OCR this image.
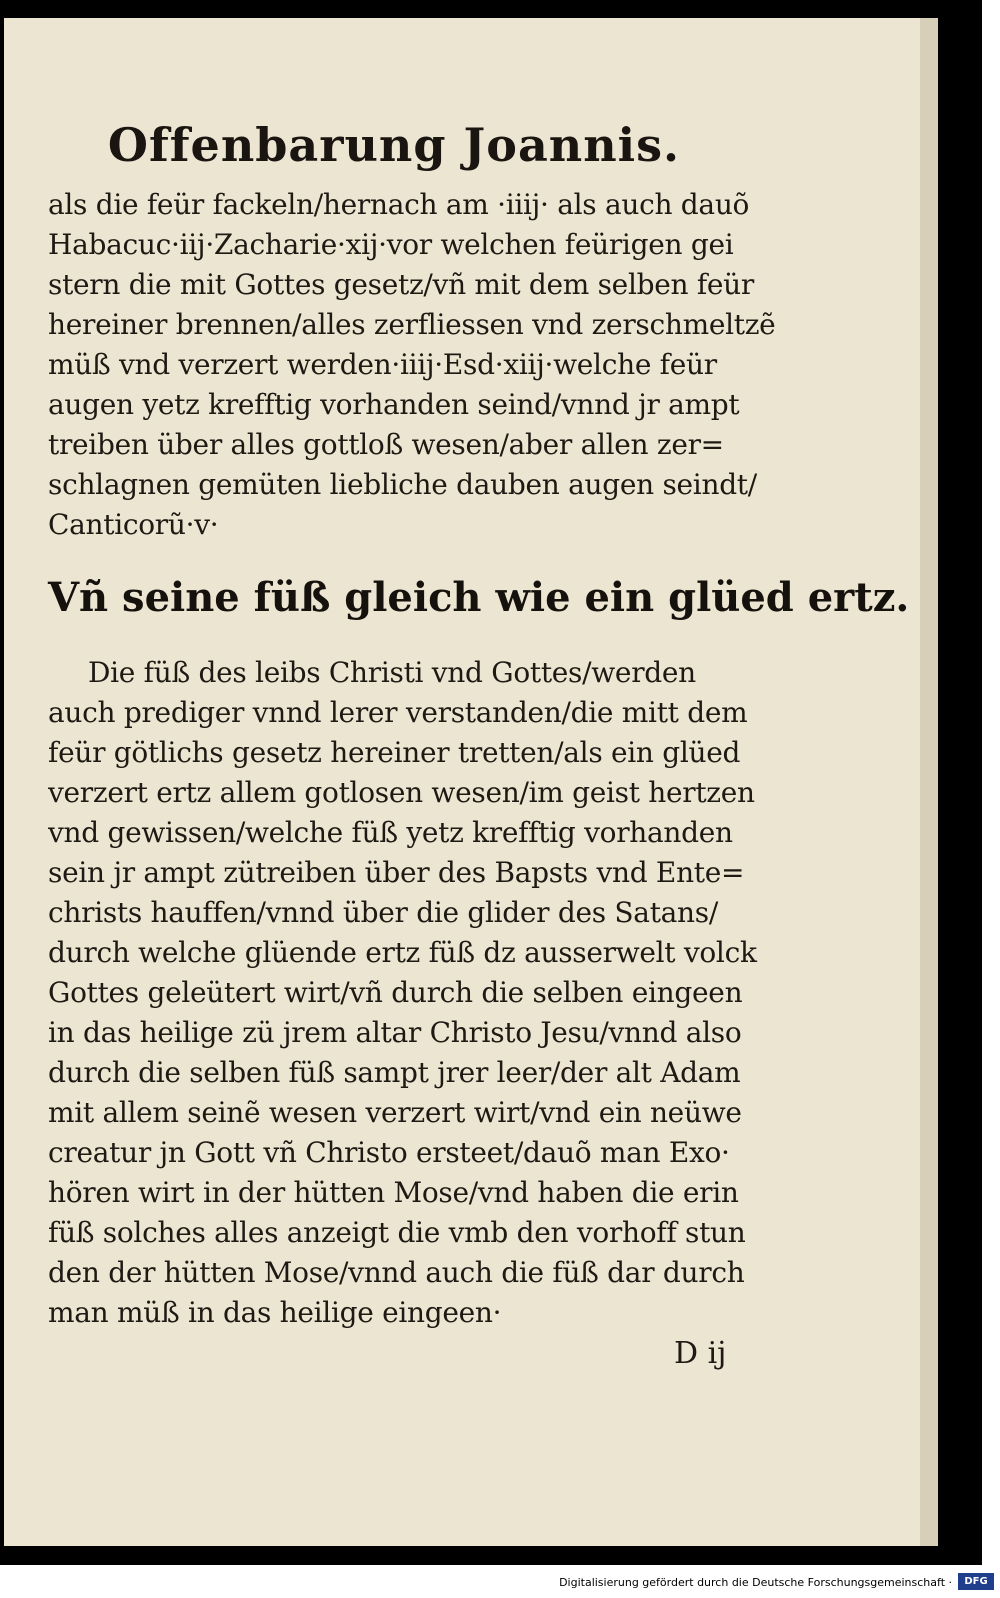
Offenbarung Joannis.
als die feür fackeln/hernach am ·iiij· als auch dauõ
Habacuc·iij·Zacharie·xij·vor welchen feürigen gei
stern die mit Gottes gesetz/vñ mit dem selben feür
hereiner brennen/alles zerfliessen vnd zerschmeltzẽ
müß vnd verzert werden·iiij·Esd·xiij·welche feür
augen yetz krefftig vorhanden seind/vnnd jr ampt
treiben über alles gottloß wesen/aber allen zer=
schlagnen gemüten liebliche dauben augen seindt/
Canticorũ·v·
Vñ seine füß gleich wie ein glüed ertz.
Die füß des leibs Christi vnd Gottes/werden
auch prediger vnnd lerer verstanden/die mitt dem
feür götlichs gesetz hereiner tretten/als ein glüed
verzert ertz allem gotlosen wesen/im geist hertzen
vnd gewissen/welche füß yetz krefftig vorhanden
sein jr ampt zütreiben über des Bapsts vnd Ente=
christs hauffen/vnnd über die glider des Satans/
durch welche glüende ertz füß dz ausserwelt volck
Gottes geleütert wirt/vñ durch die selben eingeen
in das heilige zü jrem altar Christo Jesu/vnnd also
durch die selben füß sampt jrer leer/der alt Adam
mit allem seinẽ wesen verzert wirt/vnd ein neüwe
creatur jn Gott vñ Christo ersteet/dauõ man Exo·
hören wirt in der hütten Mose/vnd haben die erin
füß solches alles anzeigt die vmb den vorhoff stun
den der hütten Mose/vnnd auch die füß dar durch
man müß in das heilige eingeen·
D ij
Digitalisierung gefördert durch die Deutsche Forschungsgemeinschaft ·	DFG
